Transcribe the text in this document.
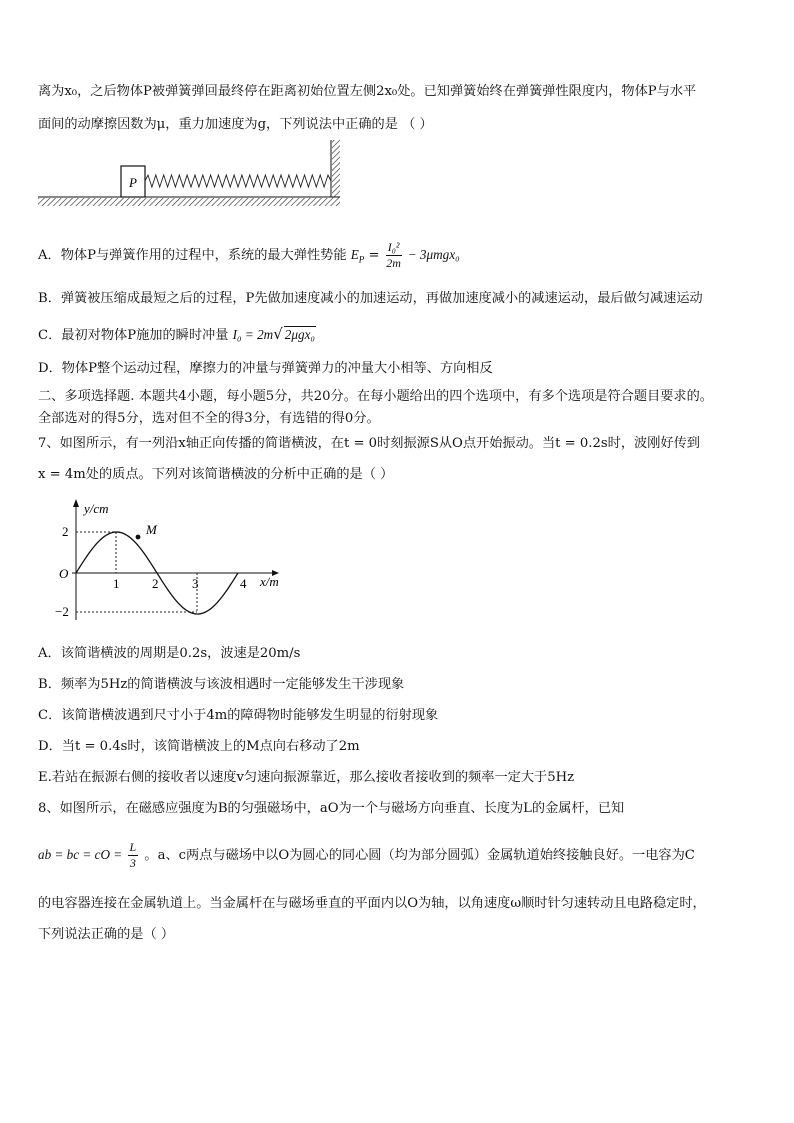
离为x₀，之后物体P被弹簧弹回最终停在距离初始位置左侧2x₀处。已知弹簧始终在弹簧弹性限度内，物体P与水平
面间的动摩擦因数为μ，重力加速度为g，下列说法中正确的是 （ ）
P
A．物体P与弹簧作用的过程中，系统的最大弹性势能 $E_P = \frac{\text{I₀²}}{2m} - 3\mu mgx_0$
B．弹簧被压缩成最短之后的过程，P先做加速度减小的加速运动，再做加速度减小的减速运动，最后做匀减速运动
C．最初对物体P施加的瞬时冲量 I₀ = 2m√ 2μgx₀
D．物体P整个运动过程，摩擦力的冲量与弹簧弹力的冲量大小相等、方向相反
二、多项选择题. 本题共4小题，每小题5分，共20分。在每小题给出的四个选项中，有多个选项是符合题目要求的。
全部选对的得5分，选对但不全的得3分，有选错的得0分。
7、如图所示，有一列沿x轴正向传播的简谐横波，在t = 0时刻振源S从O点开始振动。当t = 0.2s时，波刚好传到
x = 4m处的质点。下列对该简谐横波的分析中正确的是（ ）
y/cm
x/m
O
2
−2
1	2	3	4
M
A．该简谐横波的周期是0.2s，波速是20m/s
B．频率为5Hz的简谐横波与该波相遇时一定能够发生干涉现象
C．该简谐横波遇到尺寸小于4m的障碍物时能够发生明显的衍射现象
D．当t = 0.4s时，该简谐横波上的M点向右移动了2m
E.若站在振源右侧的接收者以速度v匀速向振源靠近，那么接收者接收到的频率一定大于5Hz
8、如图所示，在磁感应强度为B的匀强磁场中，aO为一个与磁场方向垂直、长度为L的金属杆，已知
ab = bc = cO = $\frac{L}{3}$ 。a、c两点与磁场中以O为圆心的同心圆（均为部分圆弧）金属轨道始终接触良好。一电容为C
的电容器连接在金属轨道上。当金属杆在与磁场垂直的平面内以O为轴，以角速度ω顺时针匀速转动且电路稳定时，
下列说法正确的是（ ）
